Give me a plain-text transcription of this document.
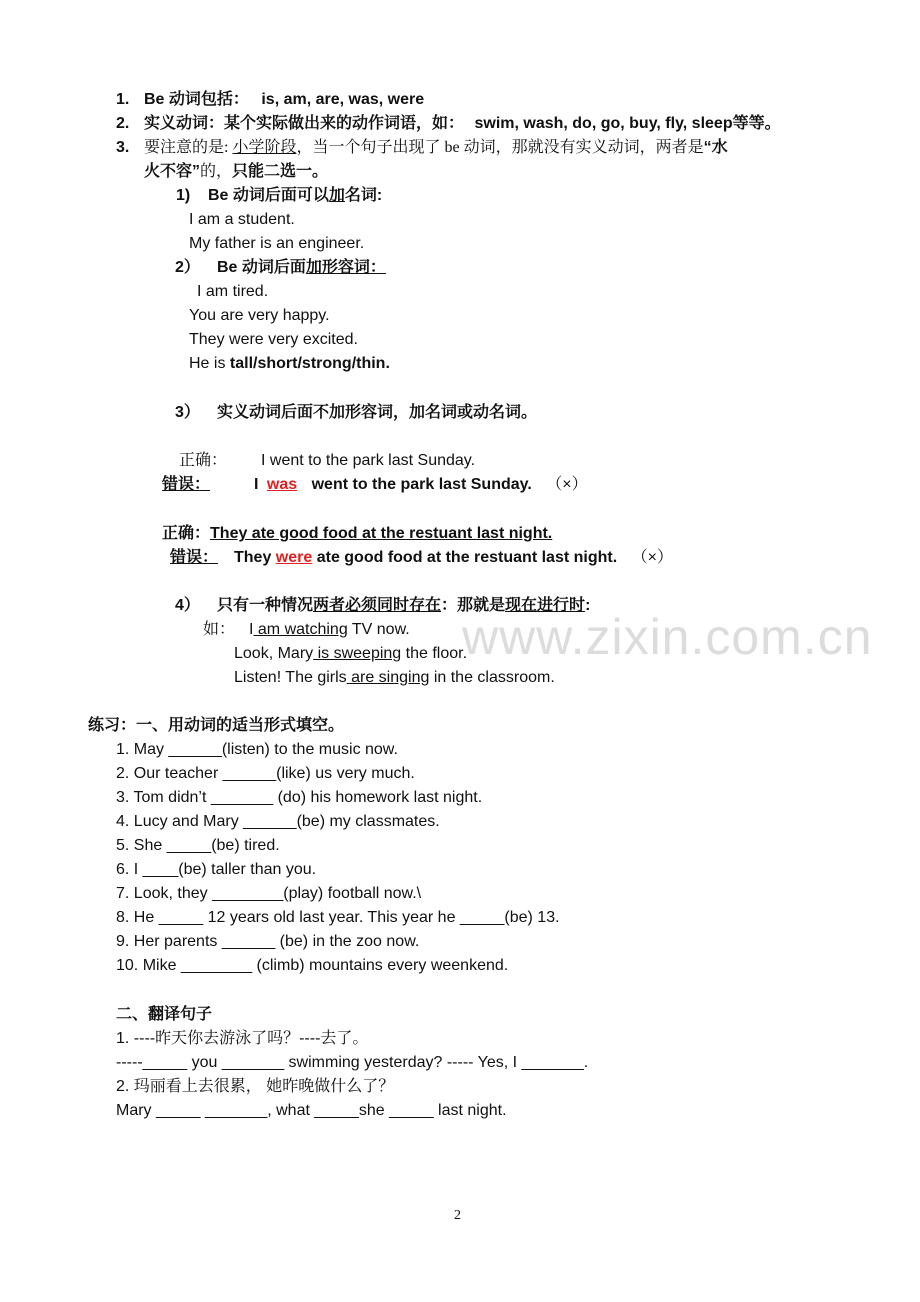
www.zixin.com.cn
1. Be 动词包括： is, am, are, was, were
2. 实义动词：某个实际做出来的动作词语，如： swim, wash, do, go, buy, fly, sleep等等。
3. 要注意的是: 小学阶段，当一个句子出现了 be 动词，那就没有实义动词，两者是“水
火不容”的，只能二选一。
1) Be 动词后面可以加名词:
I am a student.
My father is an engineer.
2） Be 动词后面加形容词：
I am tired.
You are very happy.
They were very excited.
He is tall/short/strong/thin.
3） 实义动词后面不加形容词，加名词或动名词。
正确： I went to the park last Sunday.
错误：	I was went to the park last Sunday. （×）
正确：They ate good food at the restuant last night.
错误： They were ate good food at the restuant last night. （×）
4） 只有一种情况两者必须同时存在：那就是现在进行时:
如： I am watching TV now.
Look, Mary is sweeping the floor.
Listen! The girls are singing in the classroom.
练习：一、用动词的适当形式填空。
1. May ______(listen) to the music now.
2. Our teacher ______(like) us very much.
3. Tom didn’t _______ (do) his homework last night.
4. Lucy and Mary ______(be) my classmates.
5. She _____(be) tired.
6. I ____(be) taller than you.
7. Look, they ________(play) football now.\
8. He _____ 12 years old last year. This year he _____(be) 13.
9. Her parents ______ (be) in the zoo now.
10. Mike ________ (climb) mountains every weenkend.
二、翻译句子
1. ----昨天你去游泳了吗？----去了。
-----_____ you _______ swimming yesterday? ----- Yes, I _______.
2. 玛丽看上去很累， 她昨晚做什么了？
Mary _____ _______, what _____she _____ last night.
2
